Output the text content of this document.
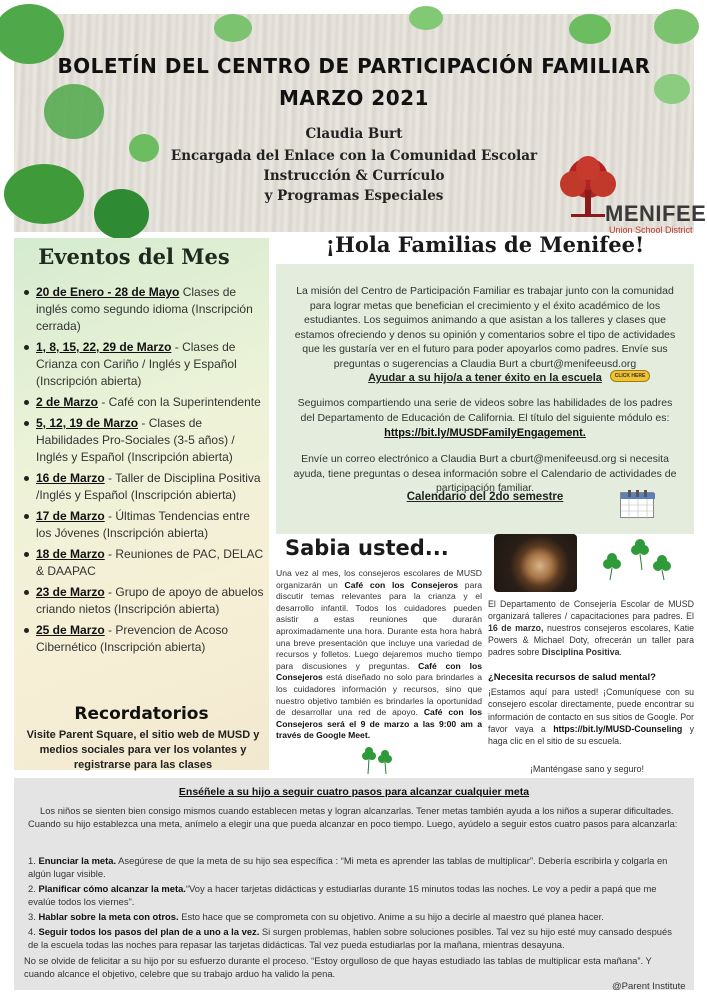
BOLETÍN DEL CENTRO DE PARTICIPACIÓN FAMILIAR
MARZO 2021
Claudia Burt
Encargada del Enlace con la Comunidad Escolar
Instrucción & Currículo
y Programas Especiales
MENIFEE
Union School District
Eventos del Mes
20 de Enero - 28 de Mayo Clases de inglés como segundo idioma (Inscripción cerrada)
1, 8, 15, 22, 29 de Marzo - Clases de Crianza con Cariño / Inglés y Español (Inscripción abierta)
2 de Marzo - Café con la Superintendente
5, 12, 19 de Marzo - Clases de Habilidades Pro-Sociales (3-5 años) / Inglés y Español (Inscripción abierta)
16 de Marzo - Taller de Disciplina Positiva /Inglés y Español (Inscripción abierta)
17 de Marzo - Últimas Tendencias entre los Jóvenes (Inscripción abierta)
18 de Marzo - Reuniones de PAC, DELAC & DAAPAC
23 de Marzo - Grupo de apoyo de abuelos criando nietos (Inscripción abierta)
25 de Marzo - Prevencion de Acoso Cibernético (Inscripción abierta)
Recordatorios
Visite Parent Square, el sitio web de MUSD y medios sociales para ver los volantes y registrarse para las clases
¡Hola Familias de Menifee!
La misión del Centro de Participación Familiar es trabajar junto con la comunidad para lograr metas que benefician el crecimiento y el éxito académico de los estudiantes. Los seguimos animando a que asistan a los talleres y clases que estamos ofreciendo y denos su opinión y comentarios sobre el tipo de actividades que les gustaría ver en el futuro para poder apoyarlos como padres. Envíe sus preguntas o sugerencias a Claudia Burt a cburt@menifeeusd.org
Ayudar a su hijo/a a tener éxito en la escuela	CLICK HERE
Seguimos compartiendo una serie de videos sobre las habilidades de los padres del Departamento de Educación de California. El título del siguiente módulo es:
https://bit.ly/MUSDFamilyEngagement.
Envíe un correo electrónico a Claudia Burt a cburt@menifeeusd.org si necesita ayuda, tiene preguntas o desea información sobre el Calendario de actividades de participación familiar.
Calendario del 2do semestre
Sabia usted...
Una vez al mes, los consejeros escolares de MUSD organizarán un Café con los Consejeros para discutir temas relevantes para la crianza y el desarrollo infantil. Todos los cuidadores pueden asistir a estas reuniones que durarán aproximadamente una hora. Durante esta hora habrá una breve presentación que incluye una variedad de recursos y folletos. Luego dejaremos mucho tiempo para discusiones y preguntas. Café con los Consejeros está diseñado no solo para brindarles a los cuidadores información y recursos, sino que nuestro objetivo también es brindarles la oportunidad de desarrollar una red de apoyo. Café con los Consejeros será el 9 de marzo a las 9:00 am a través de Google Meet.
El Departamento de Consejería Escolar de MUSD organizará talleres / capacitaciones para padres. El 16 de marzo, nuestros consejeros escolares, Katie Powers & Michael Doty, ofrecerán un taller para padres sobre Disciplina Positiva.
¿Necesita recursos de salud mental?
¡Estamos aquí para usted! ¡Comuníquese con su consejero escolar directamente, puede encontrar su información de contacto en sus sitios de Google. Por favor vaya a https://bit.ly/MUSD-Counseling y haga clic en el sitio de su escuela.
¡Manténgase sano y seguro!
Enséñele a su hijo a seguir cuatro pasos para alcanzar cualquier meta
Los niños se sienten bien consigo mismos cuando establecen metas y logran alcanzarlas. Tener metas también ayuda a los niños a superar dificultades. Cuando su hijo establezca una meta, anímelo a elegir una que pueda alcanzar en poco tiempo. Luego, ayúdelo a seguir estos cuatro pasos para alcanzarla:
1. Enunciar la meta. Asegúrese de que la meta de su hijo sea específica : “Mi meta es aprender las tablas de multiplicar”. Debería escribirla y colgarla en algún lugar visible.
2. Planificar cómo alcanzar la meta.“Voy a hacer tarjetas didácticas y estudiarlas durante 15 minutos todas las noches. Le voy a pedir a papá que me evalúe todos los viernes”.
3. Hablar sobre la meta con otros. Esto hace que se comprometa con su objetivo. Anime a su hijo a decirle al maestro qué planea hacer.
4. Seguir todos los pasos del plan de a uno a la vez. Si surgen problemas, hablen sobre soluciones posibles. Tal vez su hijo esté muy cansado después de la escuela todas las noches para repasar las tarjetas didácticas. Tal vez pueda estudiarlas por la mañana, mientras desayuna.
No se olvide de felicitar a su hijo por su esfuerzo durante el proceso. “Estoy orgulloso de que hayas estudiado las tablas de multiplicar esta mañana”. Y cuando alcance el objetivo, celebre que su trabajo arduo ha valido la pena.
@Parent Institute
